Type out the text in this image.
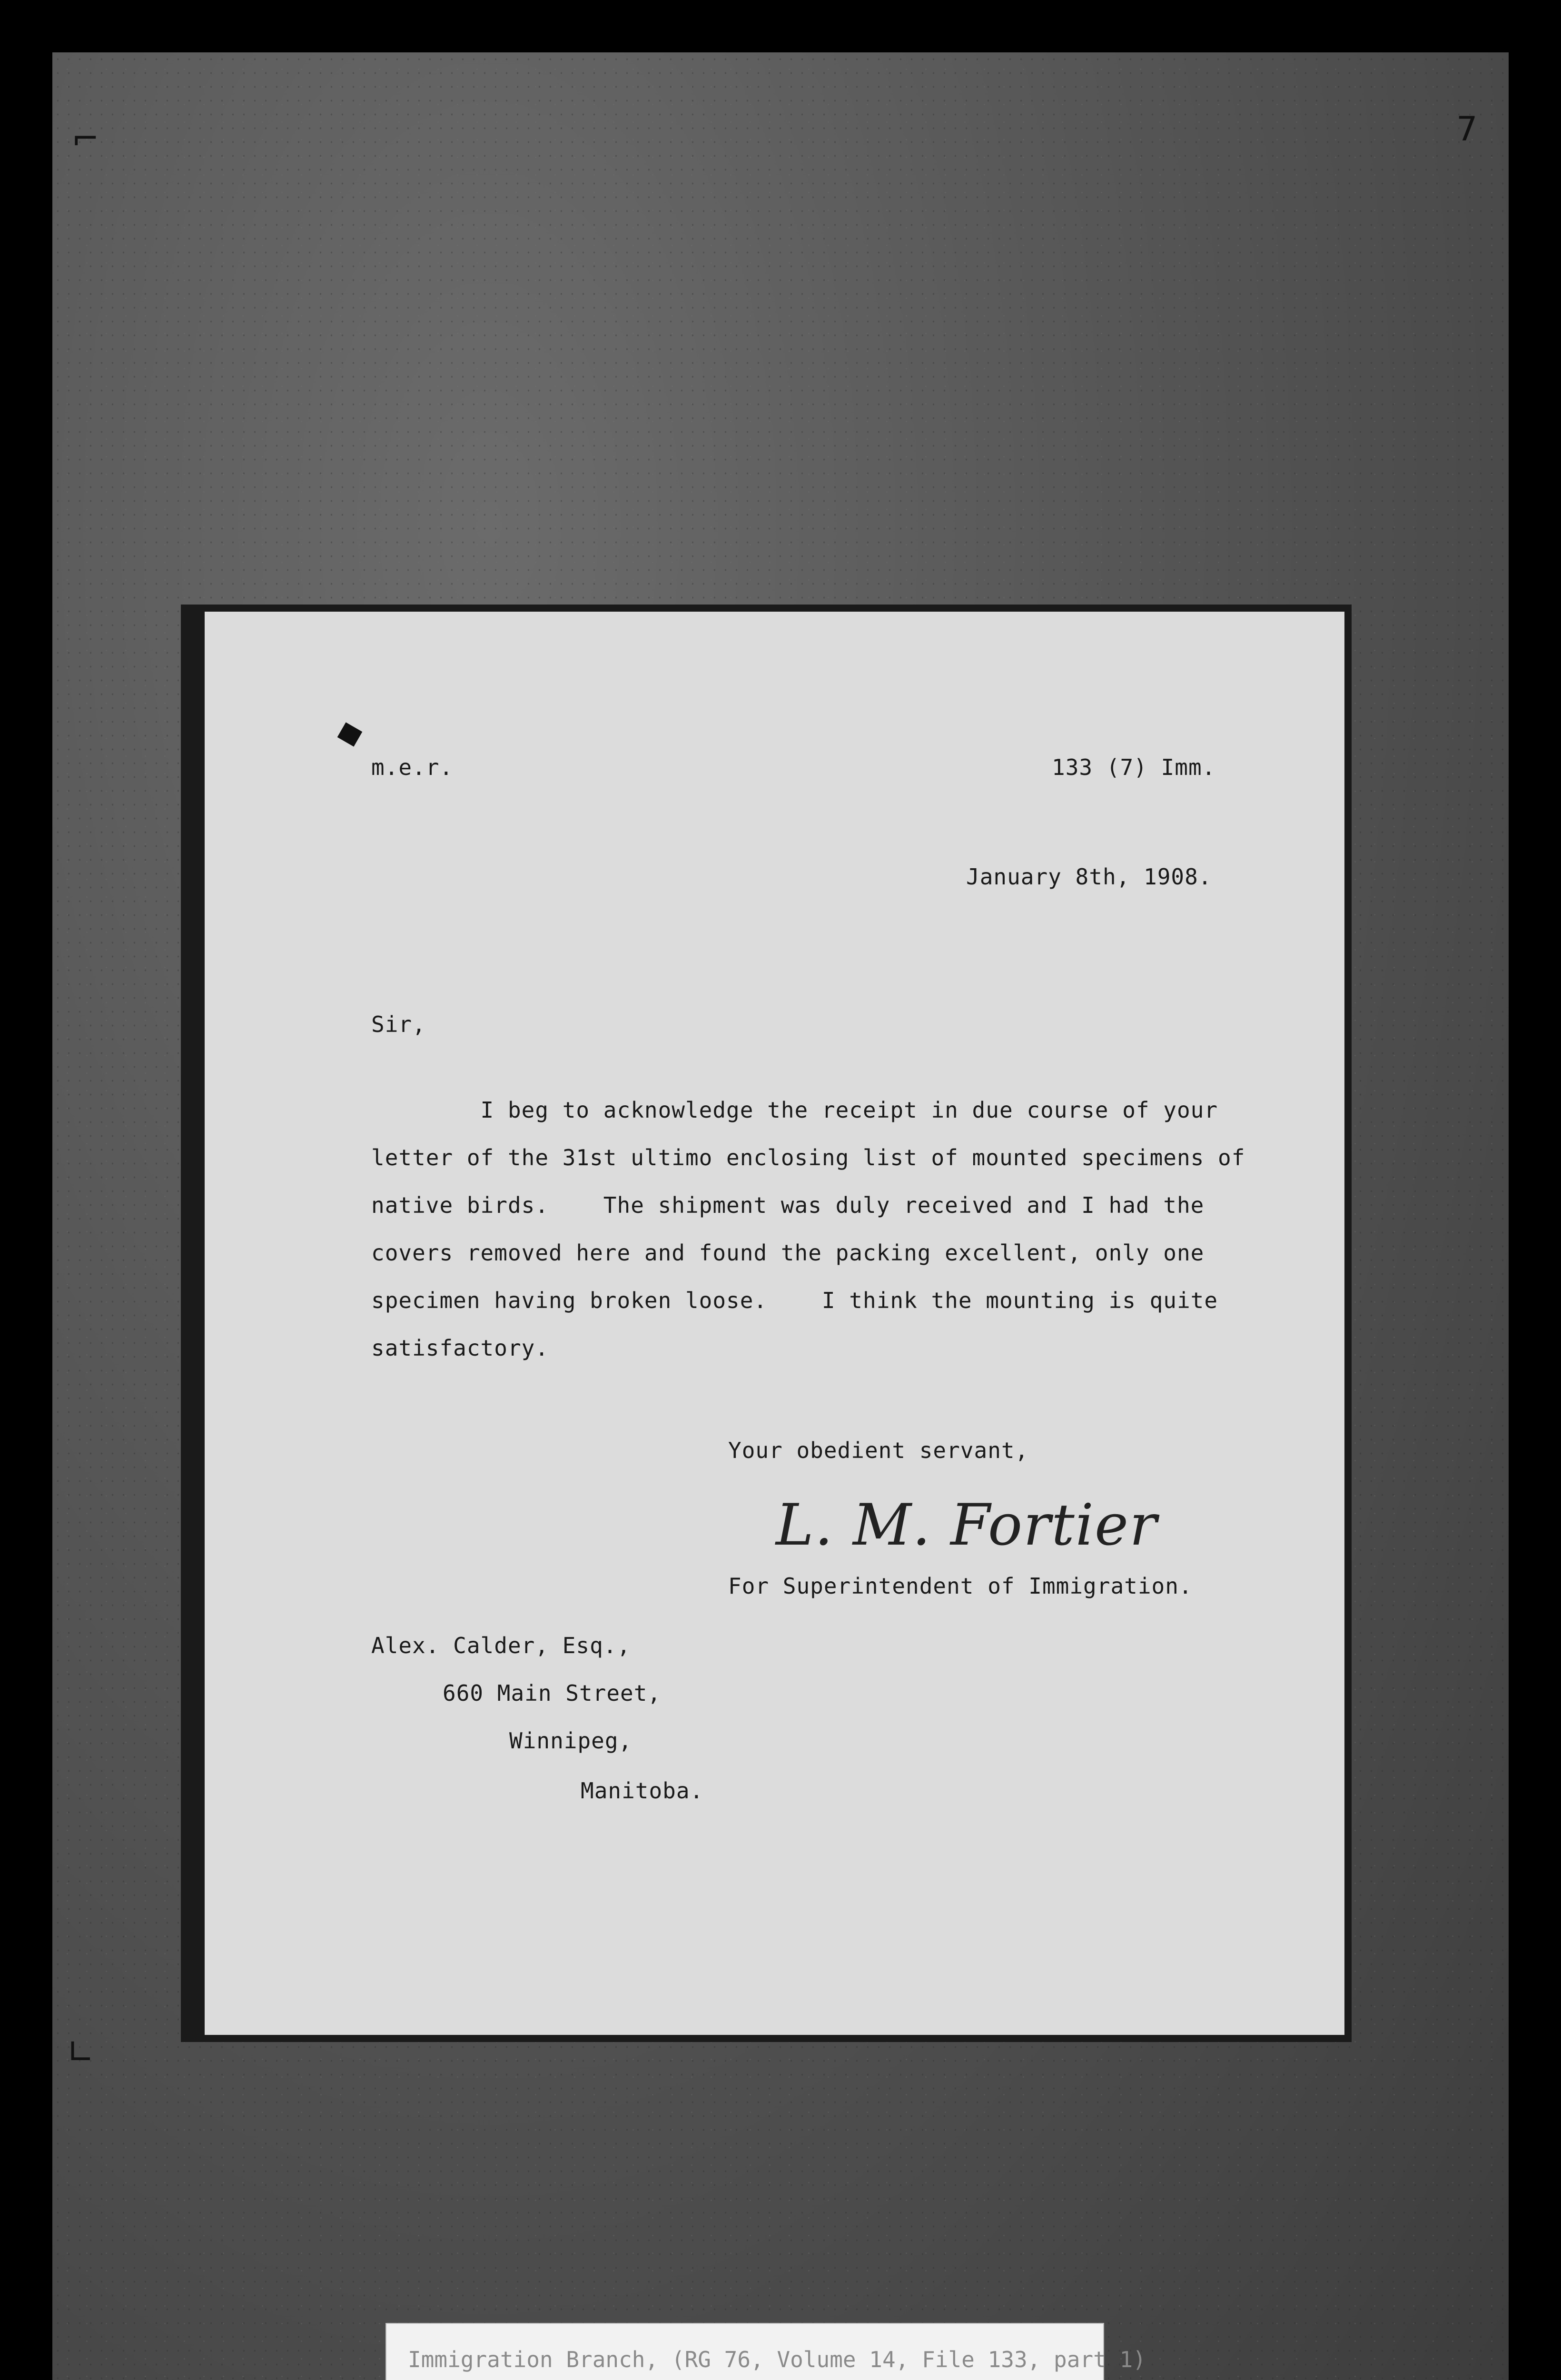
⌐	7
∟
m.e.r.	133 (7) Imm.
January 8th, 1908.
Sir,
I beg to acknowledge the receipt in due course of your
letter of the 31st ultimo enclosing list of mounted specimens of
native birds.    The shipment was duly received and I had the
covers removed here and found the packing excellent, only one
specimen having broken loose.    I think the mounting is quite
satisfactory.
Your obedient servant,
L. M. Fortier
For Superintendent of Immigration.
Alex. Calder, Esq.,
660 Main Street,
Winnipeg,
Manitoba.
Immigration Branch, (RG 76, Volume 14, File 133, part 1)
